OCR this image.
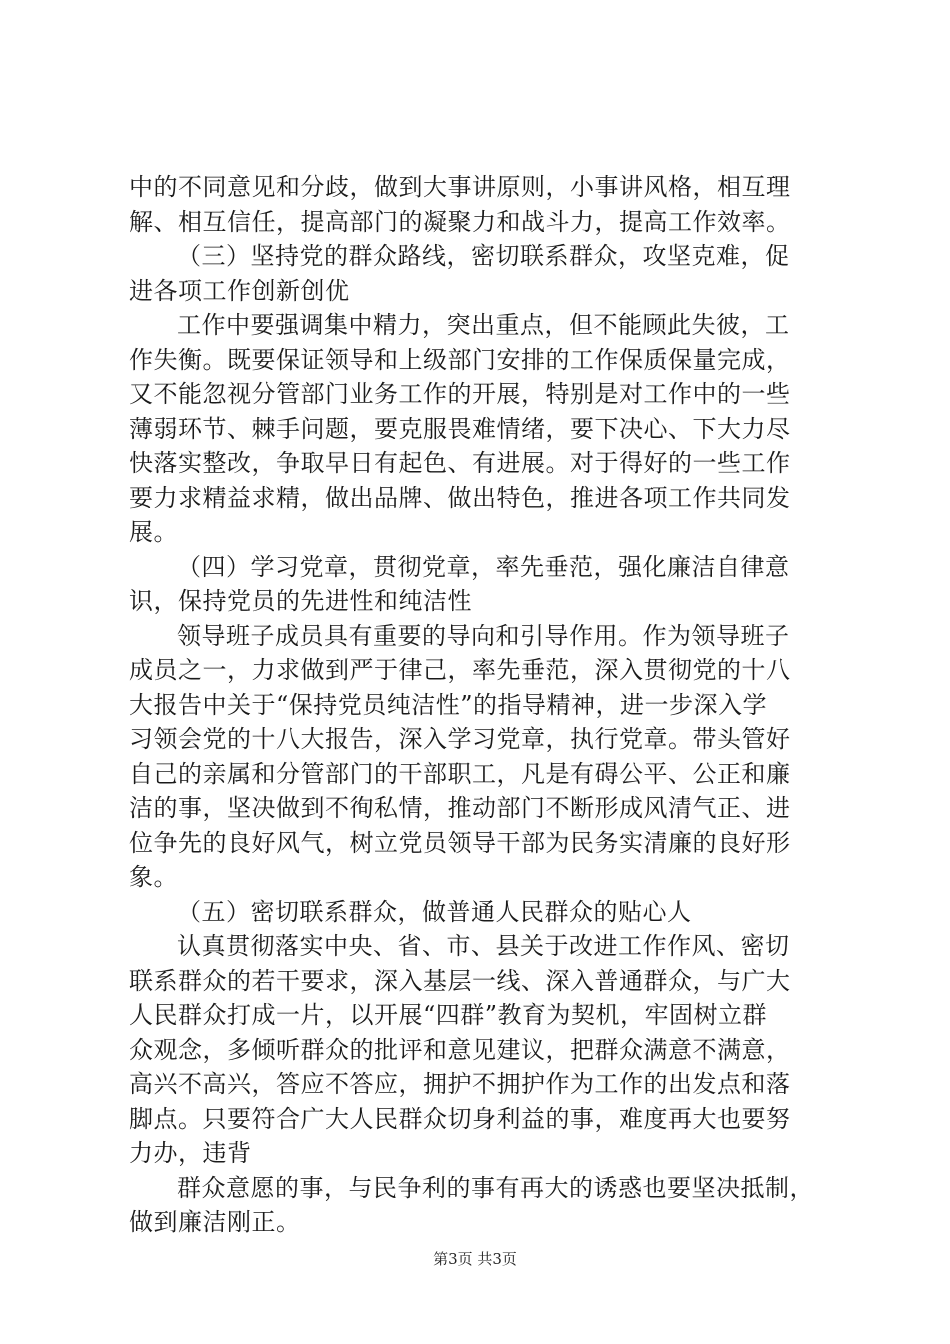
中的不同意见和分歧，做到大事讲原则，小事讲风格，相互理
解、相互信任，提高部门的凝聚力和战斗力，提高工作效率。
（三）坚持党的群众路线，密切联系群众，攻坚克难，促
进各项工作创新创优
工作中要强调集中精力，突出重点，但不能顾此失彼，工
作失衡。既要保证领导和上级部门安排的工作保质保量完成，
又不能忽视分管部门业务工作的开展，特别是对工作中的一些
薄弱环节、棘手问题，要克服畏难情绪，要下决心、下大力尽
快落实整改，争取早日有起色、有进展。对于得好的一些工作
要力求精益求精，做出品牌、做出特色，推进各项工作共同发
展。
（四）学习党章，贯彻党章，率先垂范，强化廉洁自律意
识，保持党员的先进性和纯洁性
领导班子成员具有重要的导向和引导作用。作为领导班子
成员之一，力求做到严于律己，率先垂范，深入贯彻党的十八
大报告中关于“保持党员纯洁性”的指导精神，进一步深入学
习领会党的十八大报告，深入学习党章，执行党章。带头管好
自己的亲属和分管部门的干部职工，凡是有碍公平、公正和廉
洁的事，坚决做到不徇私情，推动部门不断形成风清气正、进
位争先的良好风气，树立党员领导干部为民务实清廉的良好形
象。
（五）密切联系群众，做普通人民群众的贴心人
认真贯彻落实中央、省、市、县关于改进工作作风、密切
联系群众的若干要求，深入基层一线、深入普通群众，与广大
人民群众打成一片，以开展“四群”教育为契机，牢固树立群
众观念，多倾听群众的批评和意见建议，把群众满意不满意，
高兴不高兴，答应不答应，拥护不拥护作为工作的出发点和落
脚点。只要符合广大人民群众切身利益的事，难度再大也要努
力办，违背
群众意愿的事，与民争利的事有再大的诱惑也要坚决抵制，
做到廉洁刚正。
第3页 共3页
